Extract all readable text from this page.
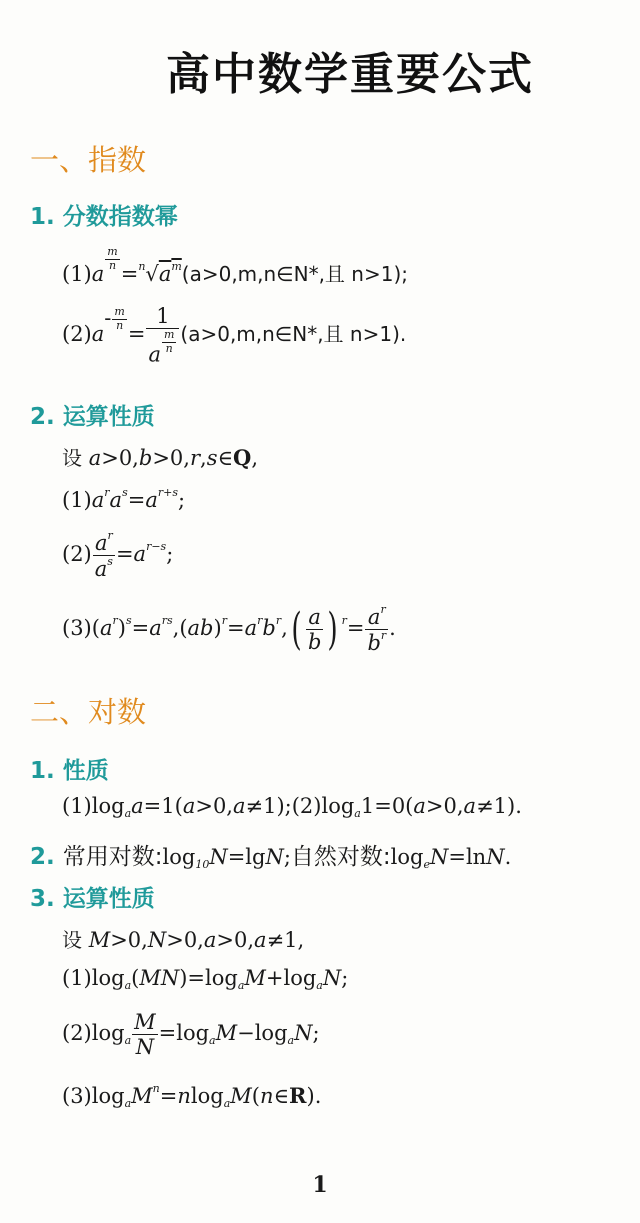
高中数学重要公式
一、指数
1. 分数指数幂
(1)a
$\frac{m}{n}$
$=^n√a^m(a>0,m,n\in N*$,且 n>1);
$(2)a- \frac{m}{n}$
= $\frac{1}{a \frac{m}{n}}$ (a>0,m,n∈N*,且 n>1).
2. 运算性质
设 a>0,b>0,r,s∈Q,
$(1)a^ra^s=a^{r+s}$;
$(2) \frac{a^r}{a^s} =a^{r-s}$;
$(3)(a^r)^s=a^{rs},(ab)^r=a^rb^r,( \frac{a}{b}$ ) $^r= \frac{a^r}{b^r}$ .
二、对数
1. 性质
$(1)\log_aa=1(a>0,a\ne 1);(2)\log_a1=0(a>0,a\ne 1)$.
2. 常用对数$:\log_{10}N=\lg N$;自然对数$:\log_eN=\ln N$.
3. 运算性质
设 M>0,N>0,a>0,a≠1,
$(1)\log_a(MN)=\log_aM+\log_aN$;
$(2)\log_a \frac{M}{N} =\log_aM-\log_aN$;
$(3)\log_aM^n=nlog_aM(n\in R)$.
1
